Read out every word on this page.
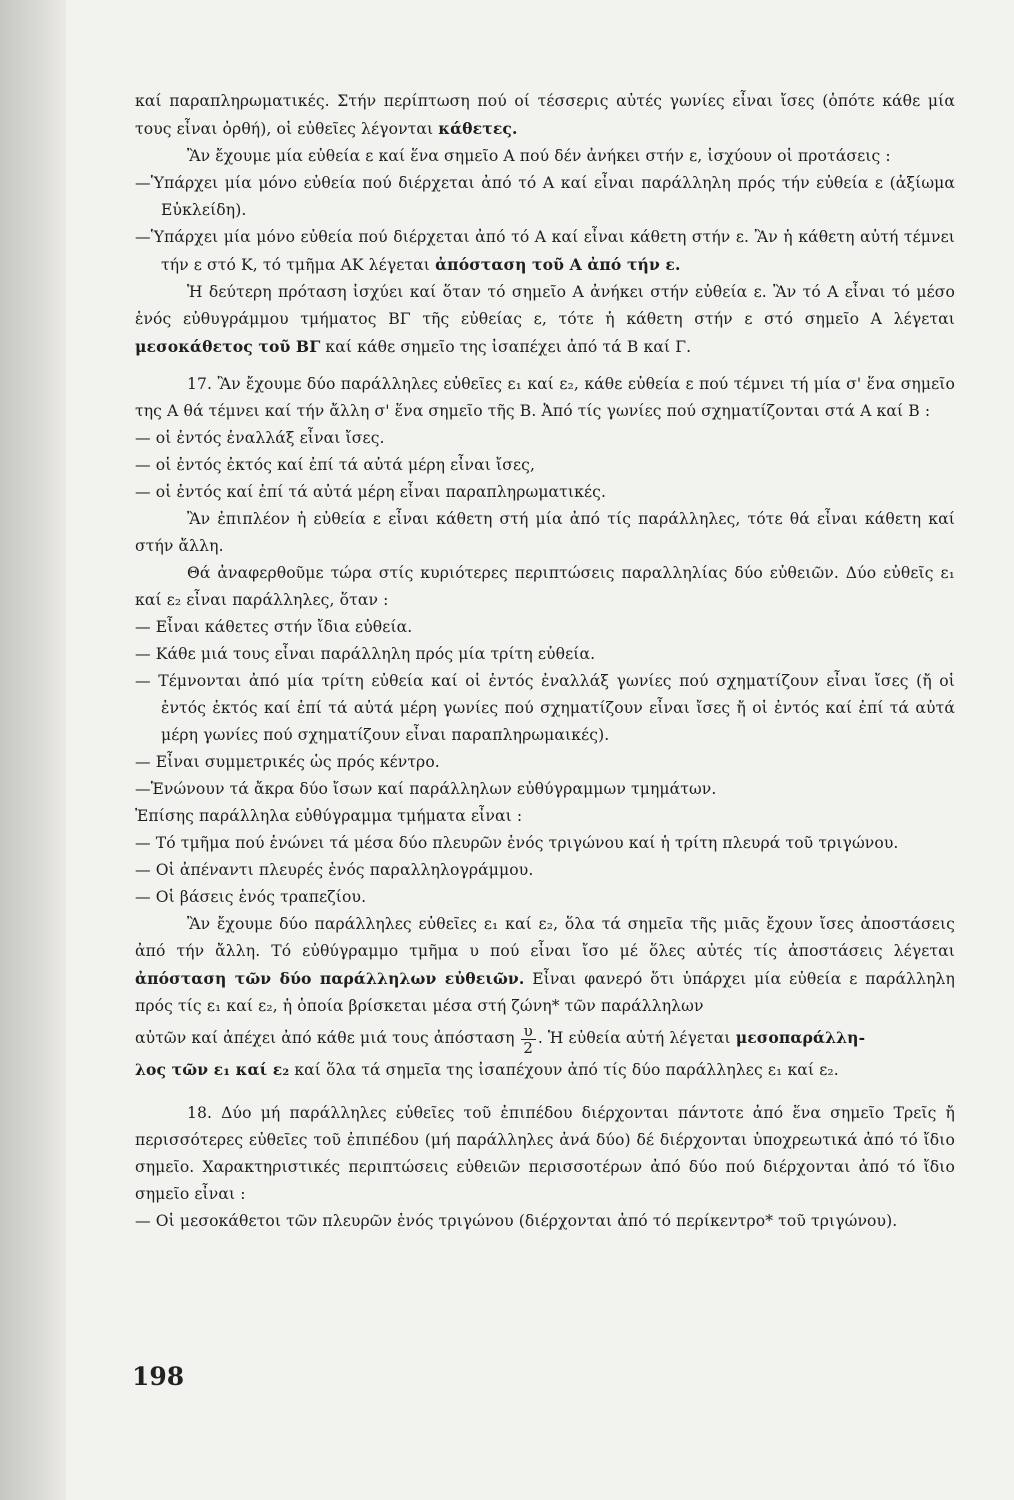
καί παραπληρωματικές. Στήν περίπτωση πού οί τέσσερις αὐτές γωνίες εἶναι ἴσες (ὁπότε κάθε μία τους εἶναι ὀρθή), οἱ εὐθεῖες λέγονται κάθετες.

Ἂν ἔχουμε μία εὐθεία ε καί ἕνα σημεῖο Α πού δέν ἀνήκει στήν ε, ἰσχύουν οἱ προτάσεις :

—Ὑπάρχει μία μόνο εὐθεία πού διέρχεται ἀπό τό Α καί εἶναι παράλληλη πρός τήν εὐθεία ε (ἀξίωμα Εὐκλείδη).

—Ὑπάρχει μία μόνο εὐθεία πού διέρχεται ἀπό τό Α καί εἶναι κάθετη στήν ε. Ἂν ἡ κάθετη αὐτή τέμνει τήν ε στό Κ, τό τμῆμα ΑΚ λέγεται ἀπόσταση τοῦ Α ἀπό τήν ε.

Ἡ δεύτερη πρόταση ἰσχύει καί ὅταν τό σημεῖο Α ἀνήκει στήν εὐθεία ε. Ἂν τό Α εἶναι τό μέσο ἑνός εὐθυγράμμου τμήματος ΒΓ τῆς εὐθείας ε, τότε ἡ κάθετη στήν ε στό σημεῖο Α λέγεται μεσοκάθετος τοῦ ΒΓ καί κάθε σημεῖο της ἰσαπέχει ἀπό τά Β καί Γ.

17. Ἂν ἔχουμε δύο παράλληλες εὐθεῖες ε₁ καί ε₂, κάθε εὐθεία ε πού τέμνει τή μία σ' ἕνα σημεῖο της Α θά τέμνει καί τήν ἄλλη σ' ἕνα σημεῖο τῆς Β. Ἀπό τίς γωνίες πού σχηματίζονται στά Α καί Β :

— οἱ ἐντός ἐναλλάξ εἶναι ἴσες.

— οἱ ἐντός ἐκτός καί ἐπί τά αὐτά μέρη εἶναι ἴσες,

— οἱ ἐντός καί ἐπί τά αὐτά μέρη εἶναι παραπληρωματικές.

Ἂν ἐπιπλέον ἡ εὐθεία ε εἶναι κάθετη στή μία ἀπό τίς παράλληλες, τότε θά εἶναι κάθετη καί στήν ἄλλη.

Θά ἀναφερθοῦμε τώρα στίς κυριότερες περιπτώσεις παραλληλίας δύο εὐθειῶν. Δύο εὐθεῖς ε₁ καί ε₂ εἶναι παράλληλες, ὅταν :

— Εἶναι κάθετες στήν ἴδια εὐθεία.

— Κάθε μιά τους εἶναι παράλληλη πρός μία τρίτη εὐθεία.

— Τέμνονται ἀπό μία τρίτη εὐθεία καί οἱ ἐντός ἐναλλάξ γωνίες πού σχηματίζουν εἶναι ἴσες (ἤ οἱ ἐντός ἐκτός καί ἐπί τά αὐτά μέρη γωνίες πού σχηματίζουν εἶναι ἴσες ἤ οἱ ἐντός καί ἐπί τά αὐτά μέρη γωνίες πού σχηματίζουν εἶναι παραπληρωμαικές).

— Εἶναι συμμετρικές ὡς πρός κέντρο.

—Ἑνώνουν τά ἄκρα δύο ἴσων καί παράλληλων εὐθύγραμμων τμημάτων.

Ἐπίσης παράλληλα εὐθύγραμμα τμήματα εἶναι :

— Τό τμῆμα πού ἑνώνει τά μέσα δύο πλευρῶν ἑνός τριγώνου καί ἡ τρίτη πλευρά τοῦ τριγώνου.

— Οἱ ἀπέναντι πλευρές ἑνός παραλληλογράμμου.

— Οἱ βάσεις ἑνός τραπεζίου.

Ἂν ἔχουμε δύο παράλληλες εὐθεῖες ε₁ καί ε₂, ὅλα τά σημεῖα τῆς μιᾶς ἔχουν ἴσες ἀποστάσεις ἀπό τήν ἄλλη. Τό εὐθύγραμμο τμῆμα υ πού εἶναι ἴσο μέ ὅλες αὐτές τίς ἀποστάσεις λέγεται ἀπόσταση τῶν δύο παράλληλων εὐθειῶν. Εἶναι φανερό ὅτι ὑπάρχει μία εὐθεία ε παράλληλη πρός τίς ε₁ καί ε₂, ἡ ὁποία βρίσκεται μέσα στή ζώνη* τῶν παράλληλων

αὐτῶν καί ἀπέχει ἀπό κάθε μιά τους ἀπόσταση $\frac{\upsilon}{2}$ . Ἡ εὐθεία αὐτή λέγεται μεσοπαράλλη-

λος τῶν ε₁ καί ε₂ καί ὅλα τά σημεῖα της ἰσαπέχουν ἀπό τίς δύο παράλληλες ε₁ καί ε₂.

18. Δύο μή παράλληλες εὐθεῖες τοῦ ἐπιπέδου διέρχονται πάντοτε ἀπό ἕνα σημεῖο Τρεῖς ἤ περισσότερες εὐθεῖες τοῦ ἐπιπέδου (μή παράλληλες ἀνά δύο) δέ διέρχονται ὑποχρεωτικά ἀπό τό ἴδιο σημεῖο. Χαρακτηριστικές περιπτώσεις εὐθειῶν περισσοτέρων ἀπό δύο πού διέρχονται ἀπό τό ἴδιο σημεῖο εἶναι :

— Οἱ μεσοκάθετοι τῶν πλευρῶν ἑνός τριγώνου (διέρχονται ἀπό τό περίκεντρο* τοῦ τριγώνου).

198
